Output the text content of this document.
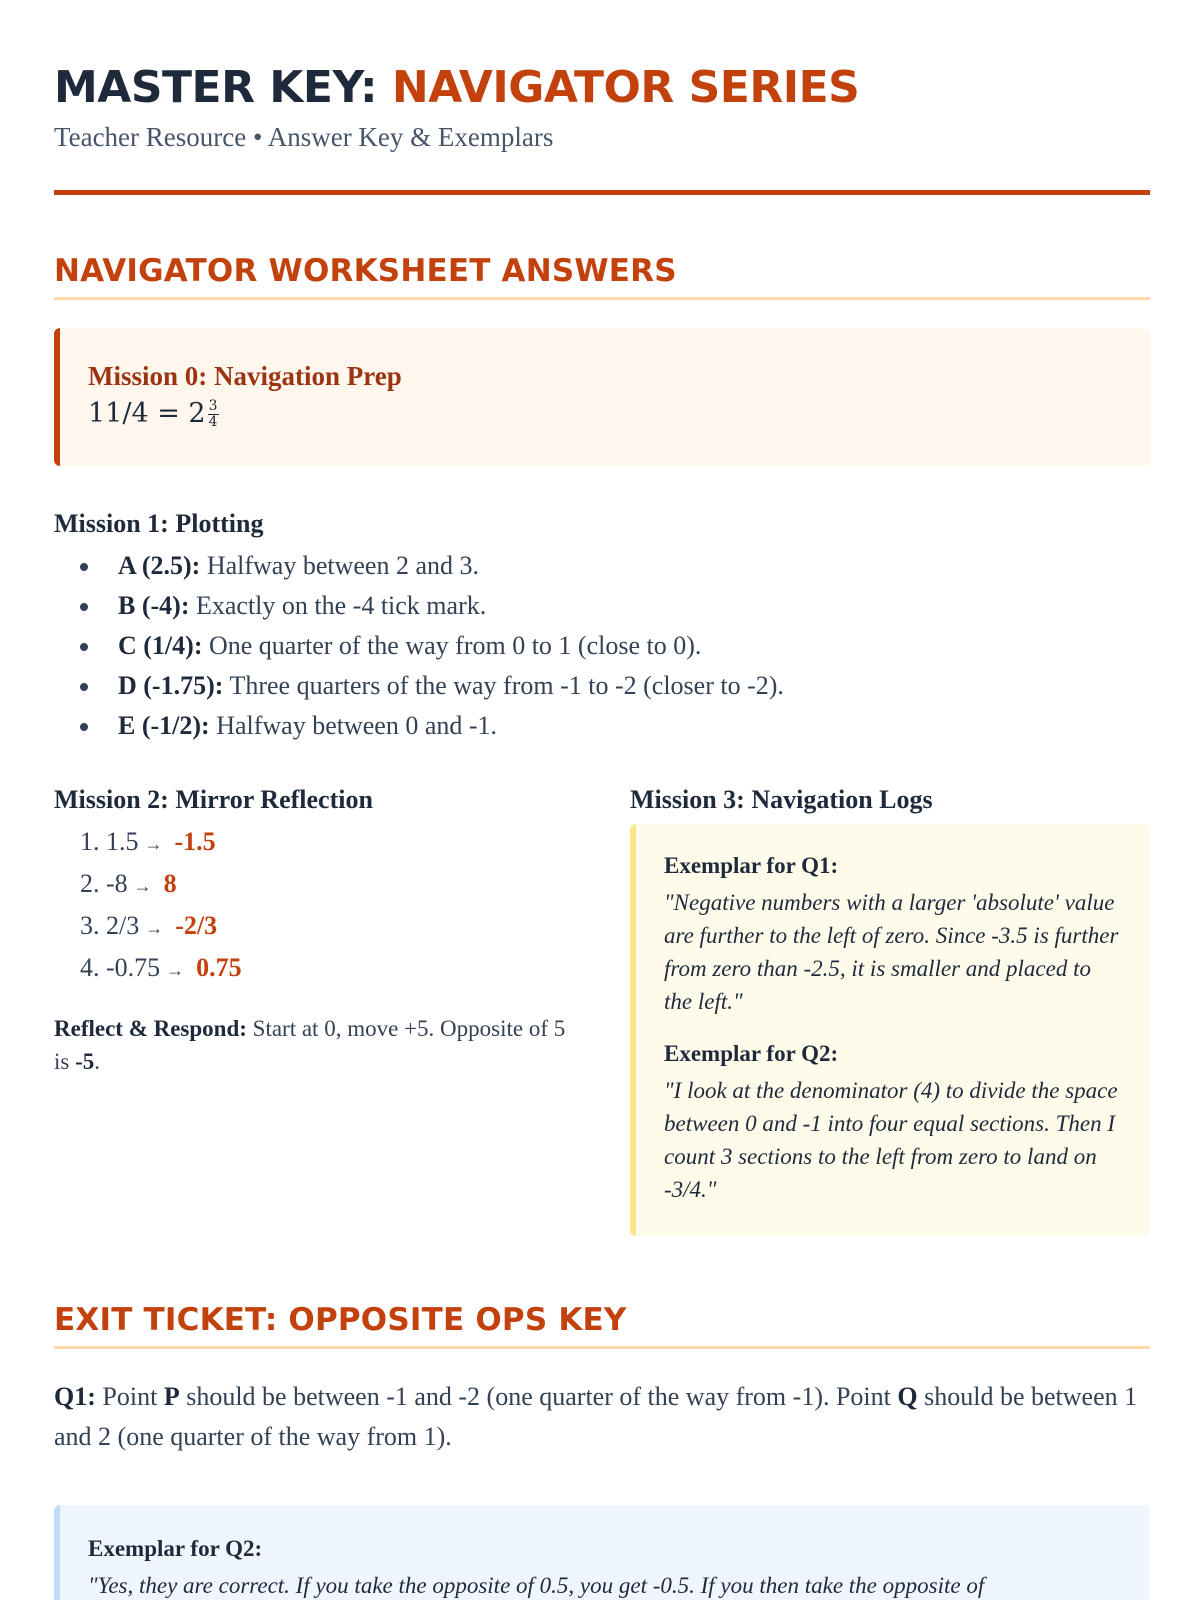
MASTER KEY: NAVIGATOR SERIES
Teacher Resource • Answer Key & Exemplars
NAVIGATOR WORKSHEET ANSWERS
Mission 0: Navigation Prep
$11/4 = 2 \frac{3}{4}$
Mission 1: Plotting
A (2.5): Halfway between 2 and 3.
B (-4): Exactly on the -4 tick mark.
C (1/4): One quarter of the way from 0 to 1 (close to 0).
D (-1.75): Three quarters of the way from -1 to -2 (closer to -2).
E (-1/2): Halfway between 0 and -1.
Mission 2: Mirror Reflection
1. 1.5 → -1.5
2. -8 → 8
3. 2/3 → -2/3
4. -0.75 → 0.75

Reflect & Respond: Start at 0, move +5. Opposite of 5 is -5.

Mission 3: Navigation Logs
Exemplar for Q1:
"Negative numbers with a larger 'absolute' value are further to the left of zero. Since -3.5 is further from zero than -2.5, it is smaller and placed to the left."
Exemplar for Q2:
"I look at the denominator (4) to divide the space between 0 and -1 into four equal sections. Then I count 3 sections to the left from zero to land on -3/4."
EXIT TICKET: OPPOSITE OPS KEY

Q1: Point P should be between -1 and -2 (one quarter of the way from -1). Point Q should be between 1 and 2 (one quarter of the way from 1).

Exemplar for Q2:
"Yes, they are correct. If you take the opposite of 0.5, you get -0.5. If you then take the opposite of
